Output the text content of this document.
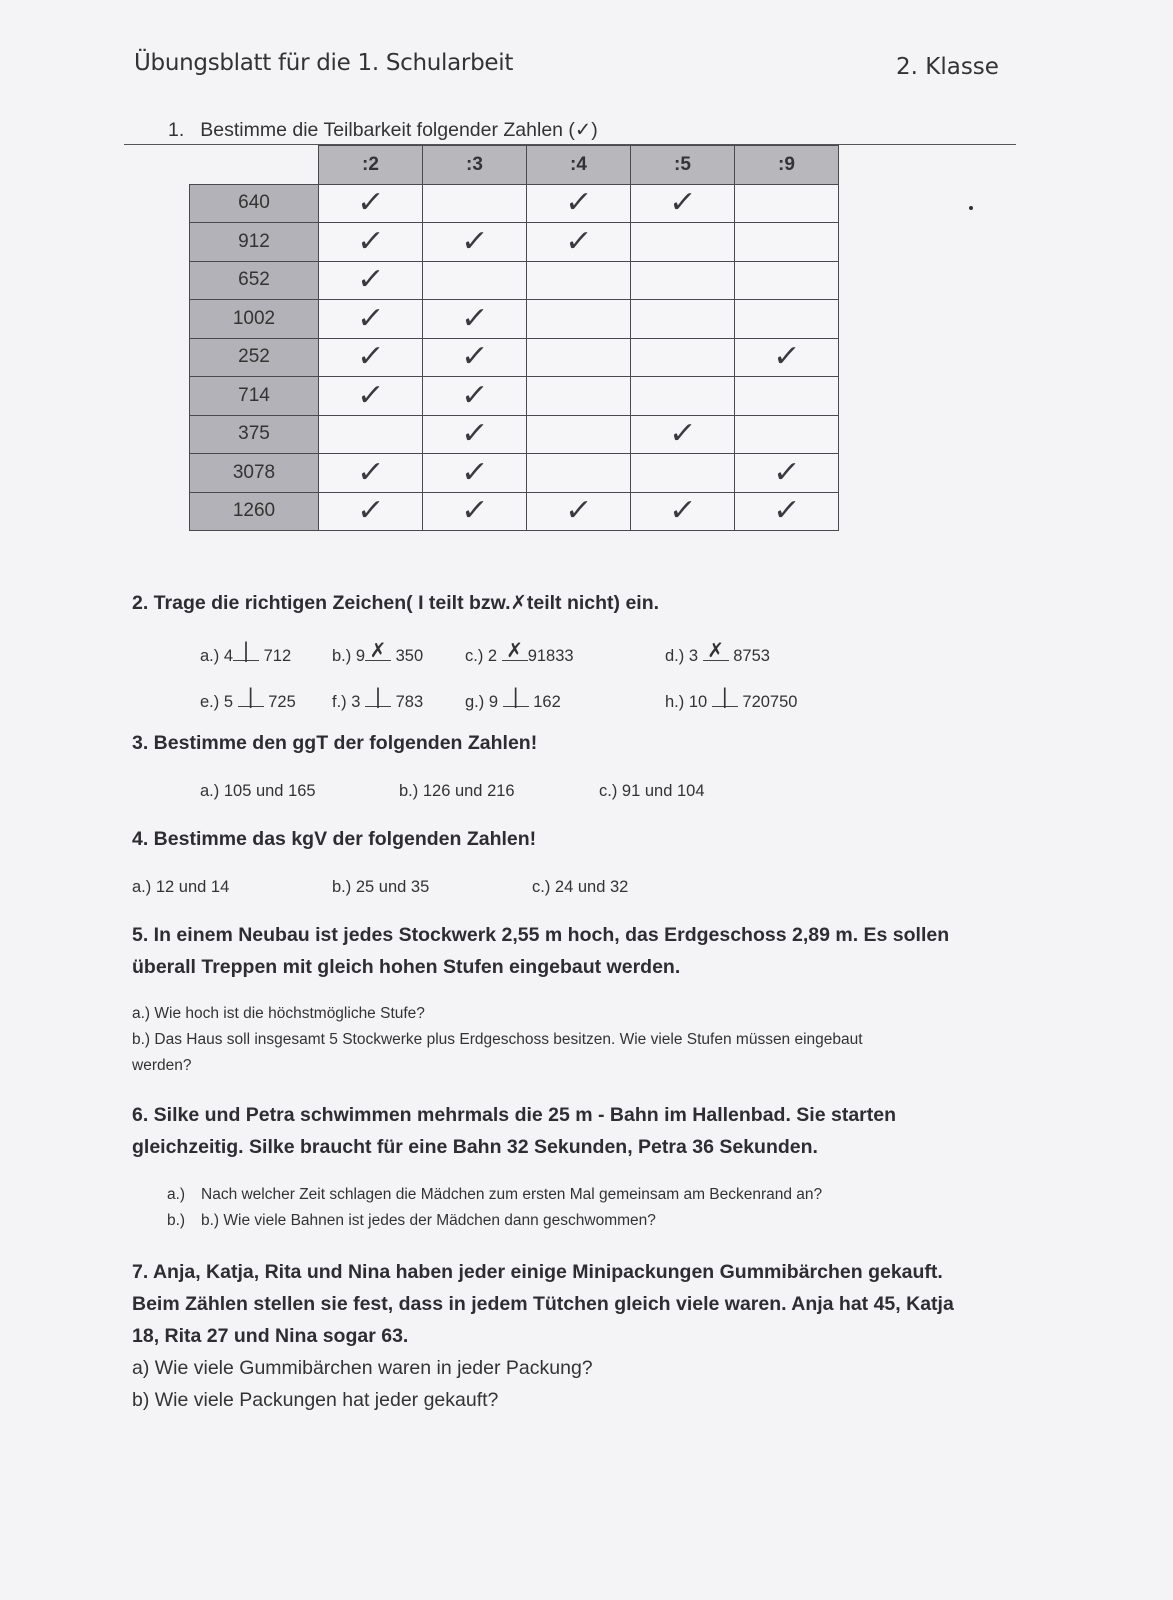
Übungsblatt für die 1. Schularbeit	2. Klasse
1. Bestimme die Teilbarkeit folgender Zahlen (✓)
	:2	:3	:4	:5	:9
640	✓		✓	✓	
912	✓	✓	✓		
652	✓				
1002	✓	✓			
252	✓	✓			✓
714	✓	✓			
375		✓		✓	
3078	✓	✓			✓
1260	✓	✓	✓	✓	✓
2. Trage die richtigen Zeichen( I teilt bzw.✗teilt nicht) ein.
a.) 4 | 712 b.) 9 ✗ 350	c.) 2 ✗ 91833	d.) 3 ✗ 8753
e.) 5 | 725 f.) 3 | 783	g.) 9 | 162	h.) 10 | 720750
3. Bestimme den ggT der folgenden Zahlen!
a.) 105 und 165	b.) 126 und 216	c.) 91 und 104
4. Bestimme das kgV der folgenden Zahlen!
a.) 12 und 14	b.) 25 und 35	c.) 24 und 32
5. In einem Neubau ist jedes Stockwerk 2,55 m hoch, das Erdgeschoss 2,89 m. Es sollen
überall Treppen mit gleich hohen Stufen eingebaut werden.
a.) Wie hoch ist die höchstmögliche Stufe?
b.) Das Haus soll insgesamt 5 Stockwerke plus Erdgeschoss besitzen. Wie viele Stufen müssen eingebaut
werden?
6. Silke und Petra schwimmen mehrmals die 25 m - Bahn im Hallenbad. Sie starten
gleichzeitig. Silke braucht für eine Bahn 32 Sekunden, Petra 36 Sekunden.
a.) Nach welcher Zeit schlagen die Mädchen zum ersten Mal gemeinsam am Beckenrand an?
b.) b.) Wie viele Bahnen ist jedes der Mädchen dann geschwommen?
7. Anja, Katja, Rita und Nina haben jeder einige Minipackungen Gummibärchen gekauft.
Beim Zählen stellen sie fest, dass in jedem Tütchen gleich viele waren. Anja hat 45, Katja
18, Rita 27 und Nina sogar 63.
a) Wie viele Gummibärchen waren in jeder Packung?
b) Wie viele Packungen hat jeder gekauft?
